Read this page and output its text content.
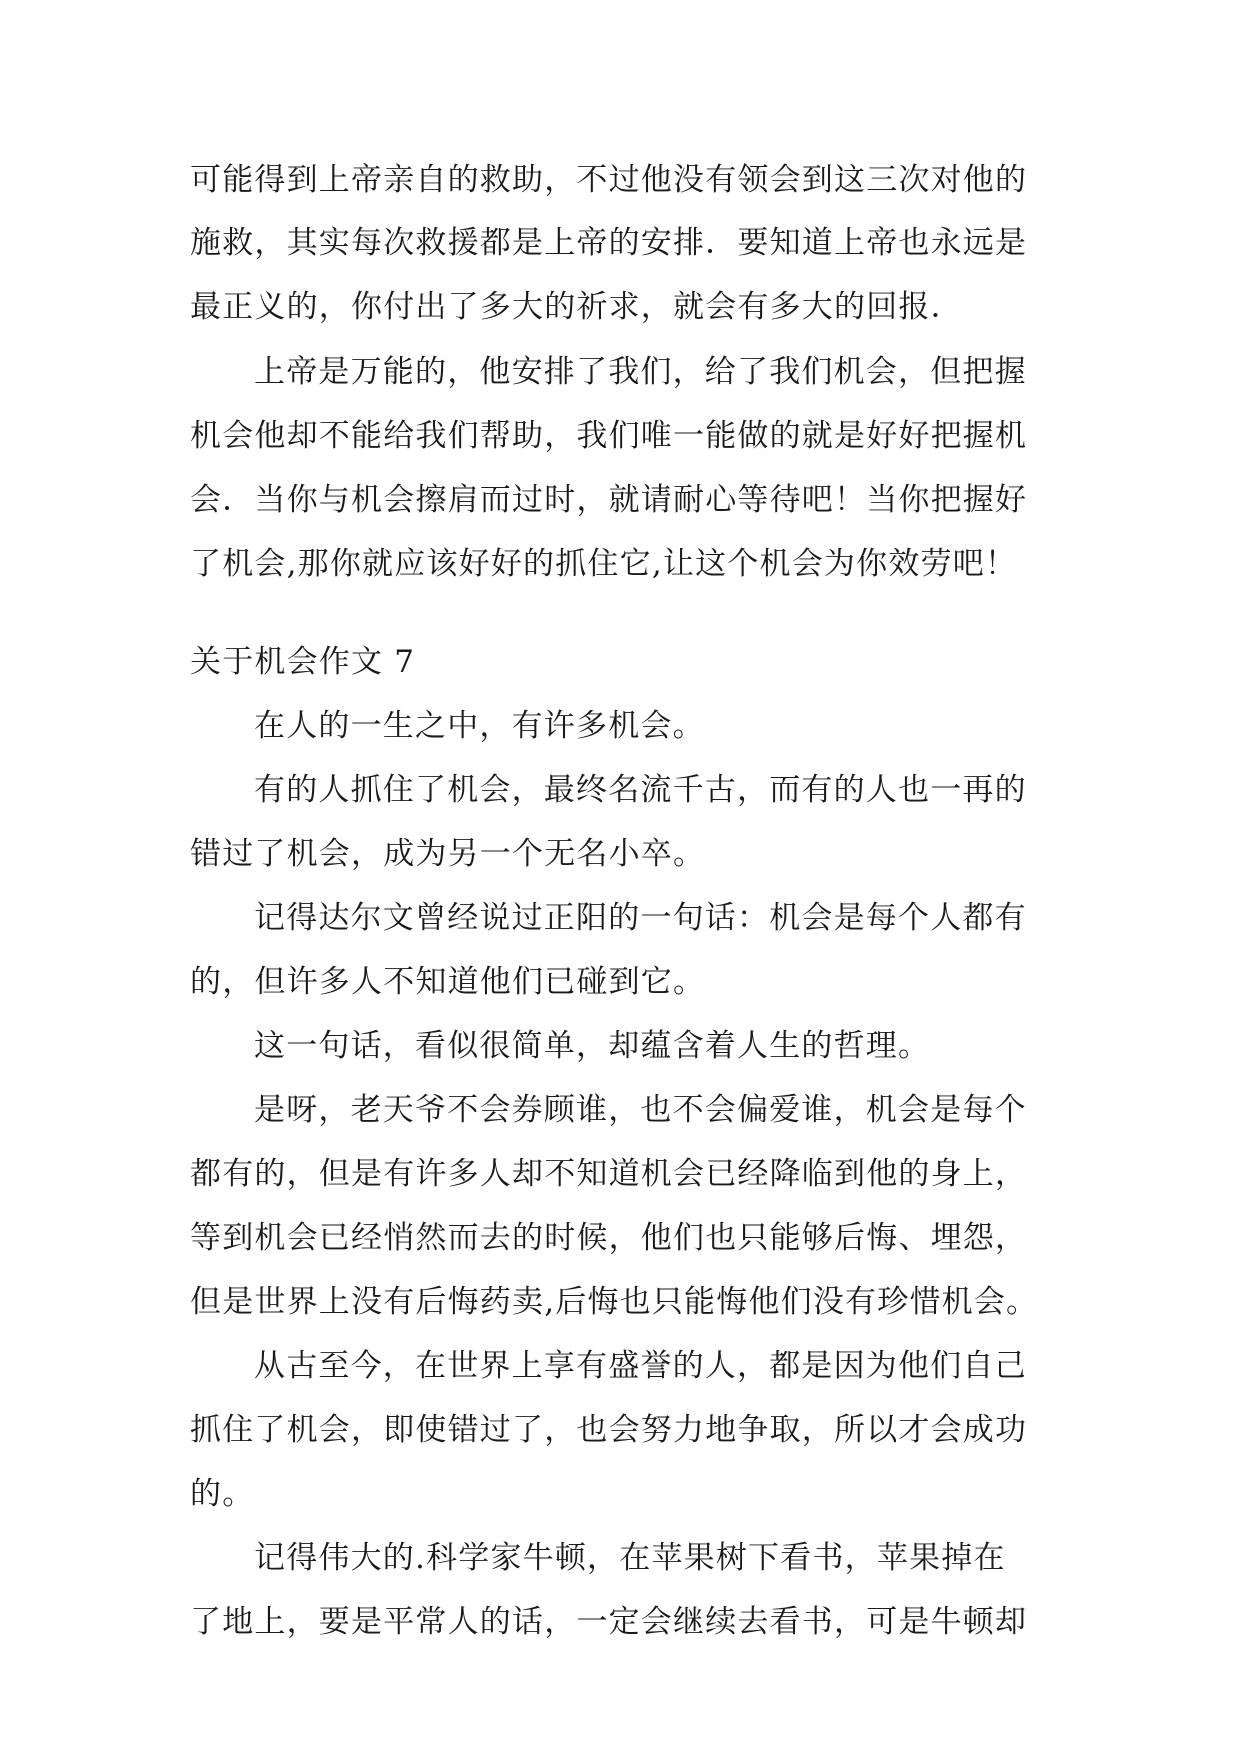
可能得到上帝亲自的救助，不过他没有领会到这三次对他的
施救，其实每次救援都是上帝的安排．要知道上帝也永远是
最正义的，你付出了多大的祈求，就会有多大的回报．
上帝是万能的，他安排了我们，给了我们机会，但把握
机会他却不能给我们帮助，我们唯一能做的就是好好把握机
会．当你与机会擦肩而过时，就请耐心等待吧！当你把握好
了机会,那你就应该好好的抓住它,让这个机会为你效劳吧！
关于机会作文 7
在人的一生之中，有许多机会。
有的人抓住了机会，最终名流千古，而有的人也一再的
错过了机会，成为另一个无名小卒。
记得达尔文曾经说过正阳的一句话：机会是每个人都有
的，但许多人不知道他们已碰到它。
这一句话，看似很简单，却蕴含着人生的哲理。
是呀，老天爷不会券顾谁，也不会偏爱谁，机会是每个
都有的，但是有许多人却不知道机会已经降临到他的身上，
等到机会已经悄然而去的时候，他们也只能够后悔、埋怨，
但是世界上没有后悔药卖,后悔也只能悔他们没有珍惜机会。
从古至今，在世界上享有盛誉的人，都是因为他们自己
抓住了机会，即使错过了，也会努力地争取，所以才会成功
的。
记得伟大的.科学家牛顿，在苹果树下看书，苹果掉在
了地上，要是平常人的话，一定会继续去看书，可是牛顿却
